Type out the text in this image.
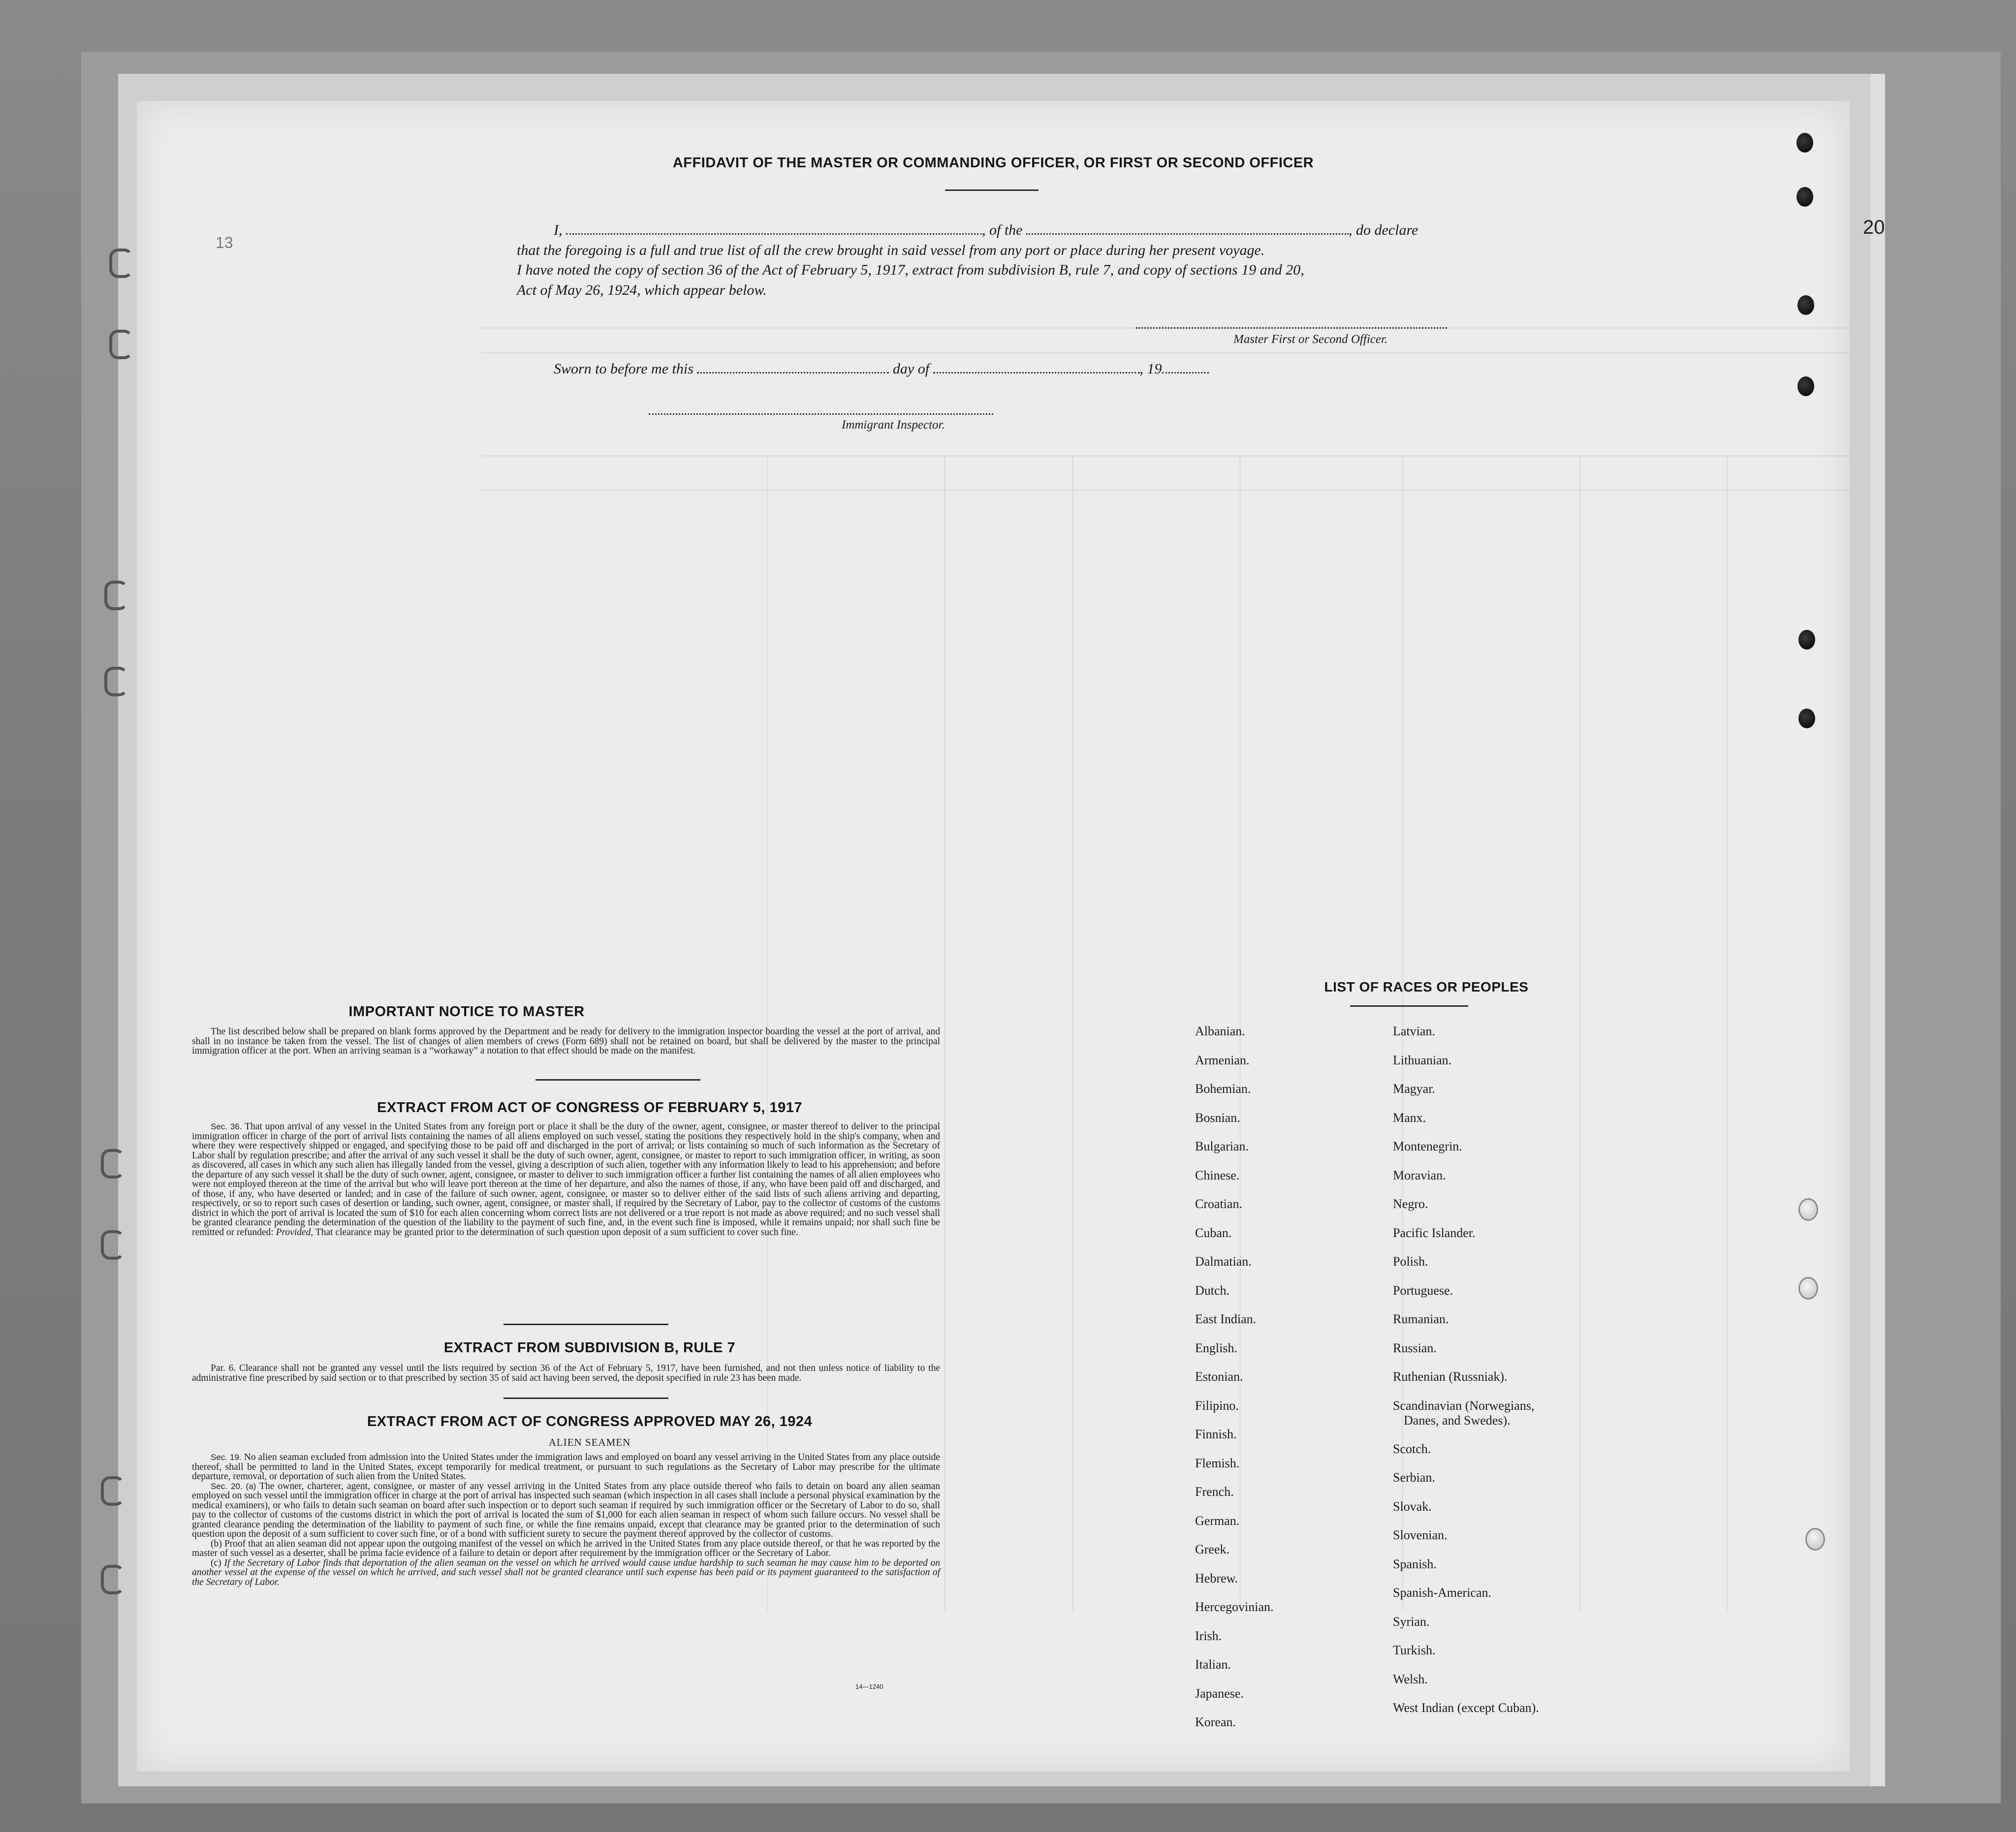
20
13
AFFIDAVIT OF THE MASTER OR COMMANDING OFFICER, OR FIRST OR SECOND OFFICER
I,	, of the	, do declare
that the foregoing is a full and true list of all the crew brought in said vessel from any port or place during her present voyage.
I have noted the copy of section 36 of the Act of February 5, 1917, extract from subdivision B, rule 7, and copy of sections 19 and 20,
Act of May 26, 1924, which appear below.
Master First or Second Officer.
Sworn to before me this	day of	, 19
Immigrant Inspector.
IMPORTANT NOTICE TO MASTER

The list described below shall be prepared on blank forms approved by the Department and be ready for delivery to the immigration inspector boarding the vessel at the port of arrival, and shall in no instance be taken from the vessel. The list of changes of alien members of crews (Form 689) shall not be retained on board, but shall be delivered by the master to the principal immigration officer at the port. When an arriving seaman is a “workaway” a notation to that effect should be made on the manifest.

EXTRACT FROM ACT OF CONGRESS OF FEBRUARY 5, 1917

Sec. 36. That upon arrival of any vessel in the United States from any foreign port or place it shall be the duty of the owner, agent, consignee, or master thereof to deliver to the principal immigration officer in charge of the port of arrival lists containing the names of all aliens employed on such vessel, stating the positions they respectively hold in the ship's company, when and where they were respectively shipped or engaged, and specifying those to be paid off and discharged in the port of arrival; or lists containing so much of such information as the Secretary of Labor shall by regulation prescribe; and after the arrival of any such vessel it shall be the duty of such owner, agent, consignee, or master to report to such immigration officer, in writing, as soon as discovered, all cases in which any such alien has illegally landed from the vessel, giving a description of such alien, together with any information likely to lead to his apprehension; and before the departure of any such vessel it shall be the duty of such owner, agent, consignee, or master to deliver to such immigration officer a further list containing the names of all alien employees who were not employed thereon at the time of the arrival but who will leave port thereon at the time of her departure, and also the names of those, if any, who have been paid off and discharged, and of those, if any, who have deserted or landed; and in case of the failure of such owner, agent, consignee, or master so to deliver either of the said lists of such aliens arriving and departing, respectively, or so to report such cases of desertion or landing, such owner, agent, consignee, or master shall, if required by the Secretary of Labor, pay to the collector of customs of the customs district in which the port of arrival is located the sum of $10 for each alien concerning whom correct lists are not delivered or a true report is not made as above required; and no such vessel shall be granted clearance pending the determination of the question of the liability to the payment of such fine, and, in the event such fine is imposed, while it remains unpaid; nor shall such fine be remitted or refunded: Provided, That clearance may be granted prior to the determination of such question upon deposit of a sum sufficient to cover such fine.

EXTRACT FROM SUBDIVISION B, RULE 7

Par. 6. Clearance shall not be granted any vessel until the lists required by section 36 of the Act of February 5, 1917, have been furnished, and not then unless notice of liability to the administrative fine prescribed by said section or to that prescribed by section 35 of said act having been served, the deposit specified in rule 23 has been made.

EXTRACT FROM ACT OF CONGRESS APPROVED MAY 26, 1924
ALIEN SEAMEN

Sec. 19. No alien seaman excluded from admission into the United States under the immigration laws and employed on board any vessel arriving in the United States from any place outside thereof, shall be permitted to land in the United States, except temporarily for medical treatment, or pursuant to such regulations as the Secretary of Labor may prescribe for the ultimate departure, removal, or deportation of such alien from the United States.

Sec. 20. (a) The owner, charterer, agent, consignee, or master of any vessel arriving in the United States from any place outside thereof who fails to detain on board any alien seaman employed on such vessel until the immigration officer in charge at the port of arrival has inspected such seaman (which inspection in all cases shall include a personal physical examination by the medical examiners), or who fails to detain such seaman on board after such inspection or to deport such seaman if required by such immigration officer or the Secretary of Labor to do so, shall pay to the collector of customs of the customs district in which the port of arrival is located the sum of $1,000 for each alien seaman in respect of whom such failure occurs. No vessel shall be granted clearance pending the determination of the liability to payment of such fine, or while the fine remains unpaid, except that clearance may be granted prior to the determination of such question upon the deposit of a sum sufficient to cover such fine, or of a bond with sufficient surety to secure the payment thereof approved by the collector of customs.

(b) Proof that an alien seaman did not appear upon the outgoing manifest of the vessel on which he arrived in the United States from any place outside thereof, or that he was reported by the master of such vessel as a deserter, shall be prima facie evidence of a failure to detain or deport after requirement by the immigration officer or the Secretary of Labor.

(c) If the Secretary of Labor finds that deportation of the alien seaman on the vessel on which he arrived would cause undue hardship to such seaman he may cause him to be deported on another vessel at the expense of the vessel on which he arrived, and such vessel shall not be granted clearance until such expense has been paid or its payment guaranteed to the satisfaction of the Secretary of Labor.

14—1240
LIST OF RACES OR PEOPLES
Albanian.
Armenian.
Bohemian.
Bosnian.
Bulgarian.
Chinese.
Croatian.
Cuban.
Dalmatian.
Dutch.
East Indian.
English.
Estonian.
Filipino.
Finnish.
Flemish.
French.
German.
Greek.
Hebrew.
Hercegovinian.
Irish.
Italian.
Japanese.
Korean.
Latvian.
Lithuanian.
Magyar.
Manx.
Montenegrin.
Moravian.
Negro.
Pacific Islander.
Polish.
Portuguese.
Rumanian.
Russian.
Ruthenian (Russniak).
Scandinavian (Norwegians,
Danes, and Swedes).
Scotch.
Serbian.
Slovak.
Slovenian.
Spanish.
Spanish-American.
Syrian.
Turkish.
Welsh.
West Indian (except Cuban).
